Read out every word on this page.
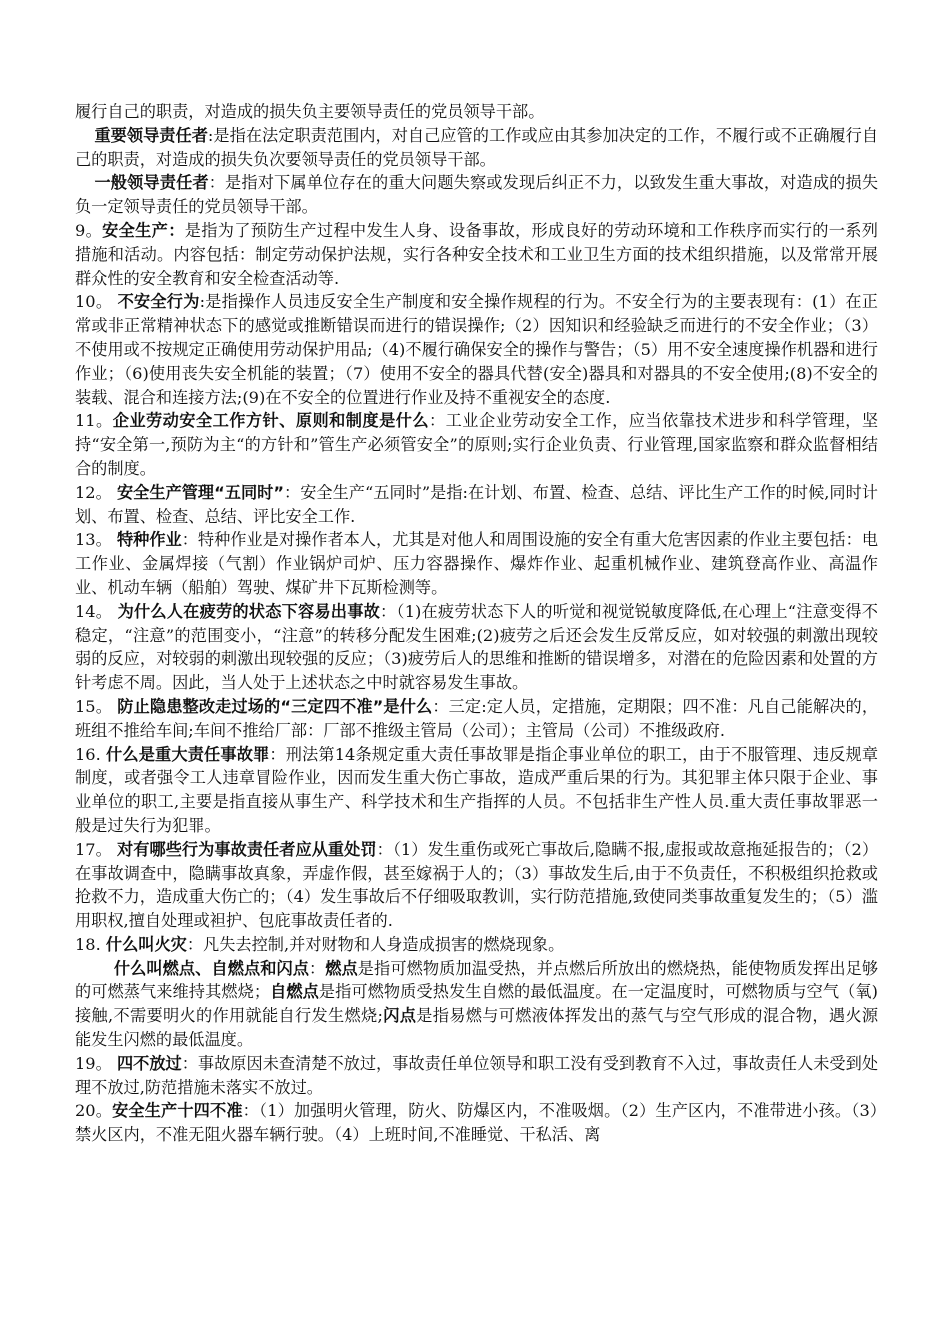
履行自己的职责，对造成的损失负主要领导责任的党员领导干部。

重要领导责任者:是指在法定职责范围内，对自己应管的工作或应由其参加决定的工作，不履行或不正确履行自己的职责，对造成的损失负次要领导责任的党员领导干部。

一般领导责任者：是指对下属单位存在的重大问题失察或发现后纠正不力，以致发生重大事故，对造成的损失负一定领导责任的党员领导干部。

9。安全生产：是指为了预防生产过程中发生人身、设备事故，形成良好的劳动环境和工作秩序而实行的一系列措施和活动。内容包括：制定劳动保护法规，实行各种安全技术和工业卫生方面的技术组织措施，以及常常开展群众性的安全教育和安全检查活动等.

10。 不安全行为:是指操作人员违反安全生产制度和安全操作规程的行为。不安全行为的主要表现有：(1）在正常或非正常精神状态下的感觉或推断错误而进行的错误操作;（2）因知识和经验缺乏而进行的不安全作业；（3）不使用或不按规定正确使用劳动保护用品;（4)不履行确保安全的操作与警告；（5）用不安全速度操作机器和进行作业；（6)使用丧失安全机能的装置；（7）使用不安全的器具代替(安全)器具和对器具的不安全使用;(8)不安全的装载、混合和连接方法;(9)在不安全的位置进行作业及持不重视安全的态度.

11。企业劳动安全工作方针、原则和制度是什么：工业企业劳动安全工作，应当依靠技术进步和科学管理，坚持“安全第一,预防为主“的方针和”管生产必须管安全”的原则;实行企业负责、行业管理,国家监察和群众监督相结合的制度。

12。 安全生产管理“五同时”：安全生产“五同时”是指:在计划、布置、检查、总结、评比生产工作的时候,同时计划、布置、检查、总结、评比安全工作.

13。 特种作业：特种作业是对操作者本人，尤其是对他人和周围设施的安全有重大危害因素的作业主要包括：电工作业、金属焊接（气割）作业锅炉司炉、压力容器操作、爆炸作业、起重机械作业、建筑登高作业、高温作业、机动车辆（船舶）驾驶、煤矿井下瓦斯检测等。

14。 为什么人在疲劳的状态下容易出事故：（1)在疲劳状态下人的听觉和视觉锐敏度降低,在心理上“注意变得不稳定，“注意”的范围变小，“注意”的转移分配发生困难;(2)疲劳之后还会发生反常反应，如对较强的刺激出现较弱的反应，对较弱的刺激出现较强的反应；（3)疲劳后人的思维和推断的错误增多，对潜在的危险因素和处置的方针考虑不周。因此，当人处于上述状态之中时就容易发生事故。

15。 防止隐患整改走过场的“三定四不准”是什么：三定:定人员，定措施，定期限；四不准：凡自己能解决的，班组不推给车间;车间不推给厂部：厂部不推级主管局（公司）；主管局（公司）不推级政府.

16. 什么是重大责任事故罪：刑法第14条规定重大责任事故罪是指企事业单位的职工，由于不服管理、违反规章制度，或者强令工人违章冒险作业，因而发生重大伤亡事故，造成严重后果的行为。其犯罪主体只限于企业、事业单位的职工,主要是指直接从事生产、科学技术和生产指挥的人员。不包括非生产性人员.重大责任事故罪恶一般是过失行为犯罪。

17。 对有哪些行为事故责任者应从重处罚：（1）发生重伤或死亡事故后,隐瞒不报,虚报或故意拖延报告的；（2）在事故调查中，隐瞒事故真象，弄虚作假，甚至嫁祸于人的；（3）事故发生后,由于不负责任，不积极组织抢救或抢救不力，造成重大伤亡的；（4）发生事故后不仔细吸取教训，实行防范措施,致使同类事故重复发生的；（5）滥用职权,擅自处理或袒护、包庇事故责任者的.

18. 什么叫火灾：凡失去控制,并对财物和人身造成损害的燃烧现象。

什么叫燃点、自燃点和闪点：燃点是指可燃物质加温受热，并点燃后所放出的燃烧热，能使物质发挥出足够的可燃蒸气来维持其燃烧；自燃点是指可燃物质受热发生自燃的最低温度。在一定温度时，可燃物质与空气（氧)接触,不需要明火的作用就能自行发生燃烧;闪点是指易燃与可燃液体挥发出的蒸气与空气形成的混合物，遇火源能发生闪燃的最低温度。

19。 四不放过：事故原因未查清楚不放过，事故责任单位领导和职工没有受到教育不入过，事故责任人未受到处理不放过,防范措施未落实不放过。

20。安全生产十四不准：（1）加强明火管理，防火、防爆区内，不准吸烟。（2）生产区内，不准带进小孩。（3）禁火区内，不准无阻火器车辆行驶。（4）上班时间,不准睡觉、干私活、离
